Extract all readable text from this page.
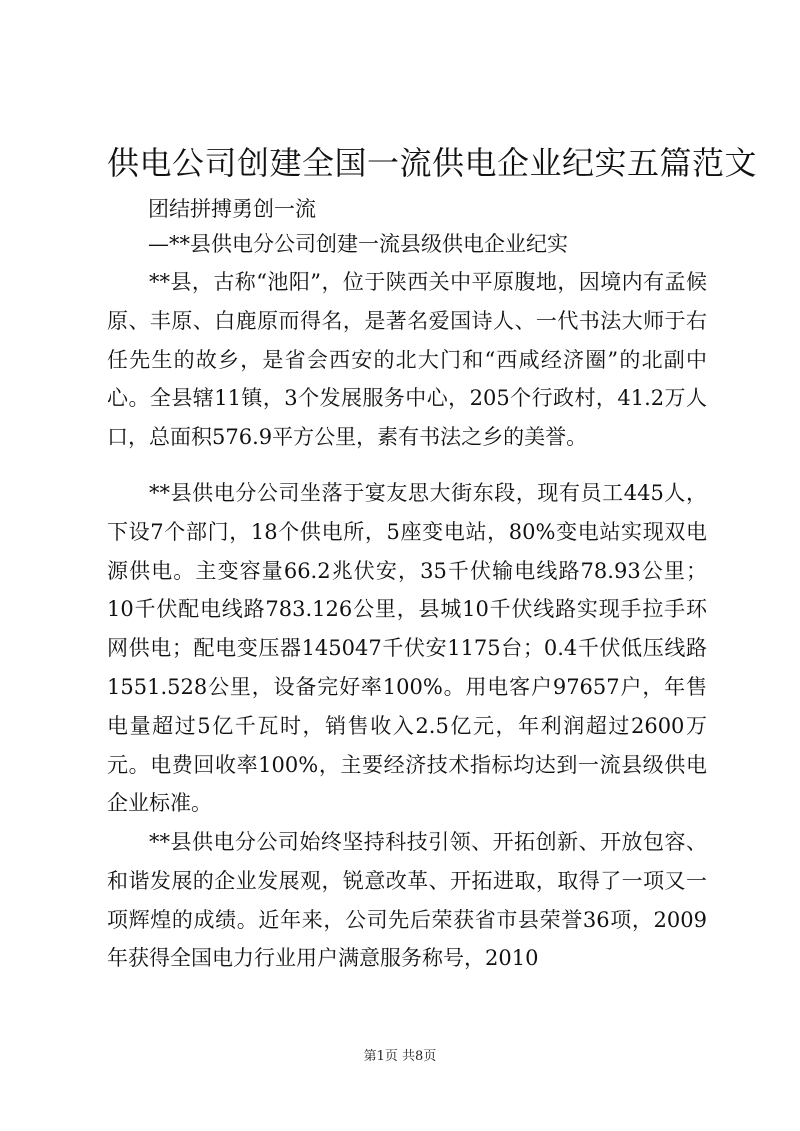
供电公司创建全国一流供电企业纪实五篇范文
团结拼搏勇创一流
—**县供电分公司创建一流县级供电企业纪实

**县，古称“池阳”，位于陕西关中平原腹地，因境内有孟候原、丰原、白鹿原而得名，是著名爱国诗人、一代书法大师于右任先生的故乡，是省会西安的北大门和“西咸经济圈”的北副中心。全县辖11镇，3个发展服务中心，205个行政村，41.2万人口，总面积576.9平方公里，素有书法之乡的美誉。

**县供电分公司坐落于宴友思大街东段，现有员工445人，下设7个部门，18个供电所，5座变电站，80%变电站实现双电源供电。主变容量66.2兆伏安，35千伏输电线路78.93公里；10千伏配电线路783.126公里，县城10千伏线路实现手拉手环网供电；配电变压器145047千伏安1175台；0.4千伏低压线路1551.528公里，设备完好率100%。用电客户97657户，年售电量超过5亿千瓦时，销售收入2.5亿元，年利润超过2600万元。电费回收率100%，主要经济技术指标均达到一流县级供电企业标准。

**县供电分公司始终坚持科技引领、开拓创新、开放包容、和谐发展的企业发展观，锐意改革、开拓进取，取得了一项又一项辉煌的成绩。近年来，公司先后荣获省市县荣誉36项，2009年获得全国电力行业用户满意服务称号，2010

第1页 共8页
